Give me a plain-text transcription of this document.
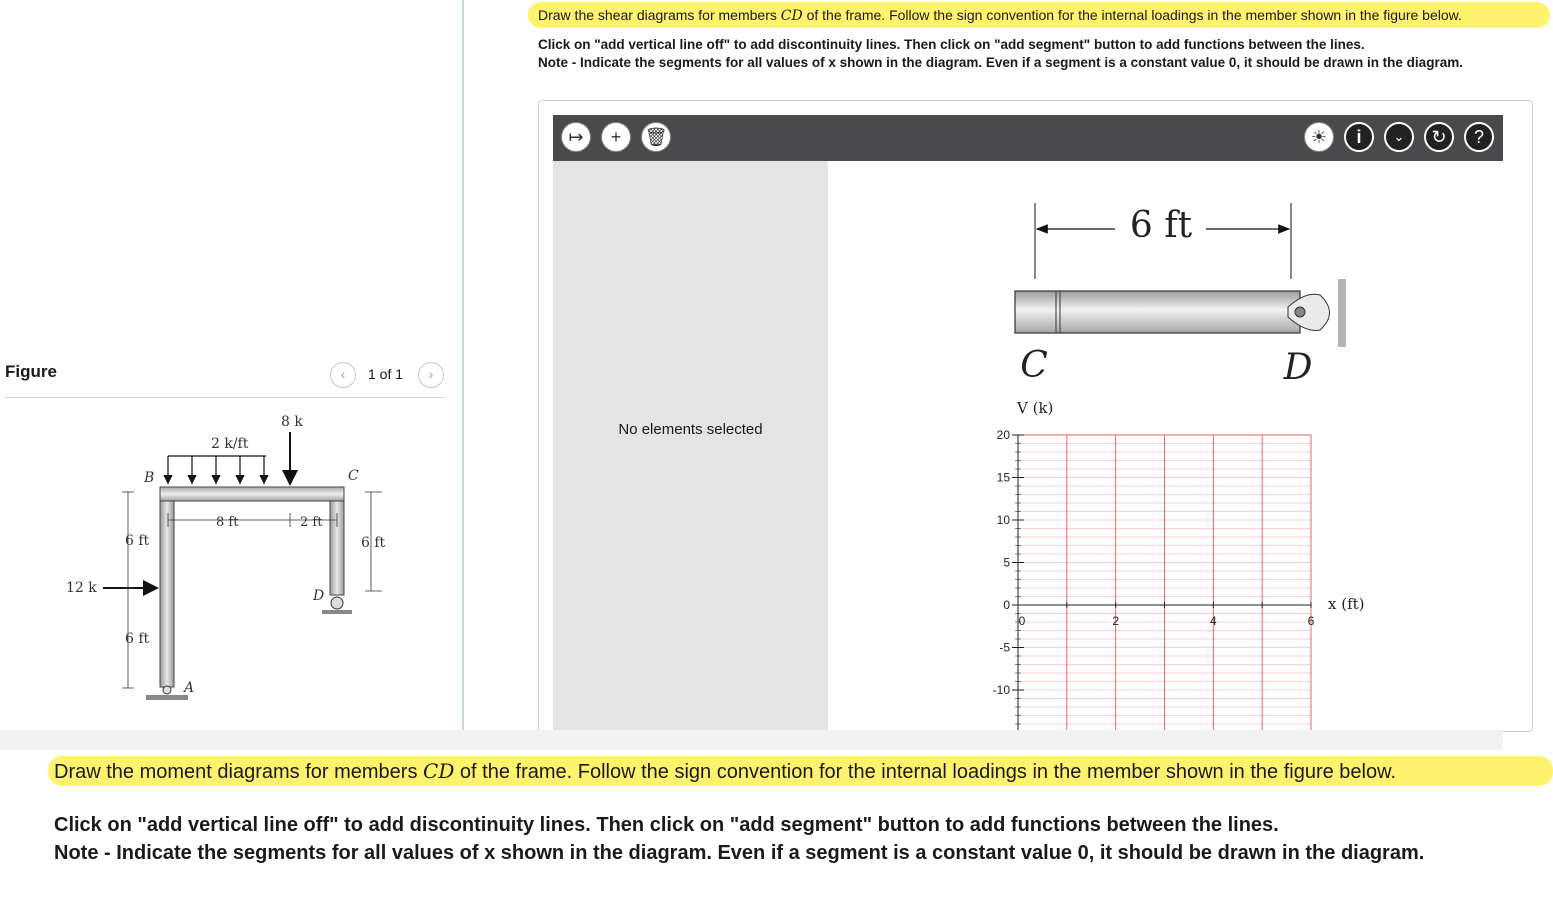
Figure	‹	1 of 1	›
2 k/ft
8 k
12 k
B	C
D
A
6 ft
6 ft
6 ft
8 ft	2 ft
Draw the shear diagrams for members CD of the frame. Follow the sign convention for the internal loadings in the member shown in the figure below.
Click on "add vertical line off" to add discontinuity lines. Then click on "add segment" button to add functions between the lines.
Note - Indicate the segments for all values of x shown in the diagram. Even if a segment is a constant value 0, it should be drawn in the diagram.
↦	+	🗑	☀	i	⌄	↻	?
No elements selected
6 ft
C	D
20
15
10
5
0
-5
-10
0	2	4	6
V (k)
x (ft)
Draw the moment diagrams for members CD of the frame. Follow the sign convention for the internal loadings in the member shown in the figure below.
Click on "add vertical line off" to add discontinuity lines. Then click on "add segment" button to add functions between the lines.
Note - Indicate the segments for all values of x shown in the diagram. Even if a segment is a constant value 0, it should be drawn in the diagram.
